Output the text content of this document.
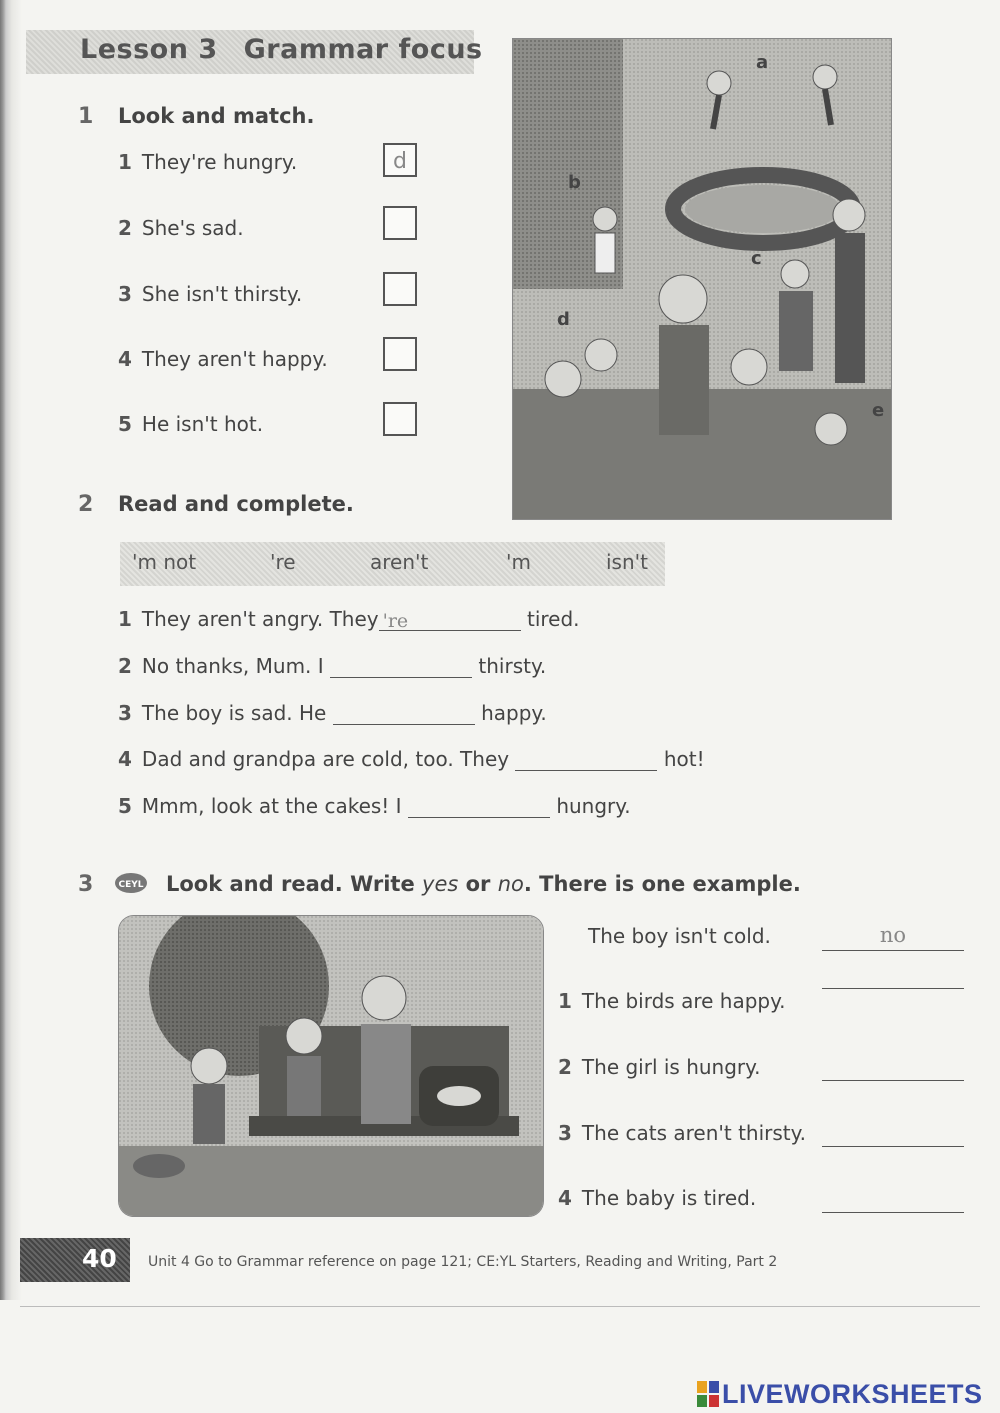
Lesson 3 Grammar focus
1 Look and match.
1 They're hungry.	d
2 She's sad.
3 She isn't thirsty.
4 They aren't happy.
5 He isn't hot.
a
b
c
d
e
2 Read and complete.
'm not	're	aren't	'm	isn't
1 They aren't angry. They 're	tired.
2 No thanks, Mum. I	thirsty.
3 The boy is sad. He	happy.
4 Dad and grandpa are cold, too. They	hot!
5 Mmm, look at the cakes! I	hungry.
3	CEYL Look and read. Write yes or no. There is one example.
The boy isn't cold.	no
1 The birds are happy.
2 The girl is hungry.
3 The cats aren't thirsty.
4 The baby is tired.
40 Unit 4 Go to Grammar reference on page 121; CE:YL Starters, Reading and Writing, Part 2
LIVEWORKSHEETS
